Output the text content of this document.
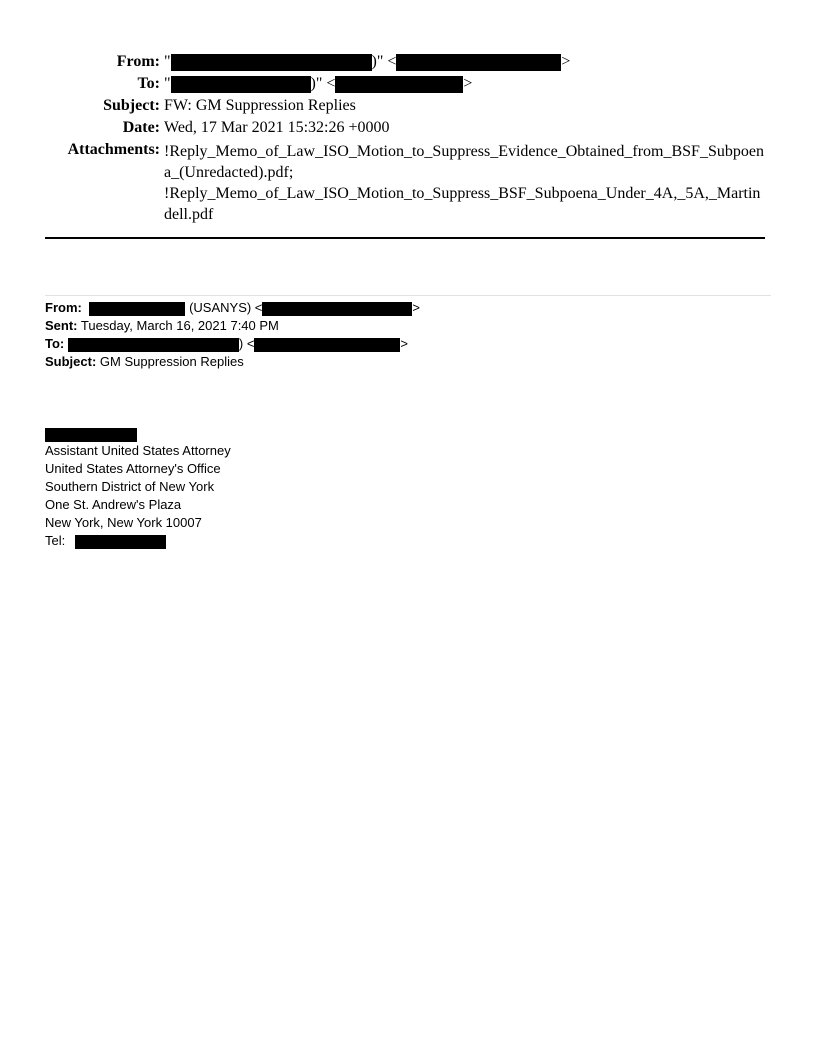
From: "	)" <	>
To: "	)" <	>
Subject: FW: GM Suppression Replies
Date: Wed, 17 Mar 2021 15:32:26 +0000
Attachments: !Reply_Memo_of_Law_ISO_Motion_to_Suppress_Evidence_Obtained_from_BSF_Subpoena_(Unredacted).pdf;
!Reply_Memo_of_Law_ISO_Motion_to_Suppress_BSF_Subpoena_Under_4A,_5A,_Martindell.pdf
From:	(USANYS) <	>
Sent: Tuesday, March 16, 2021 7:40 PM
To:	) <	>
Subject: GM Suppression Replies
Assistant United States Attorney
United States Attorney's Office
Southern District of New York
One St. Andrew's Plaza
New York, New York 10007
Tel:
